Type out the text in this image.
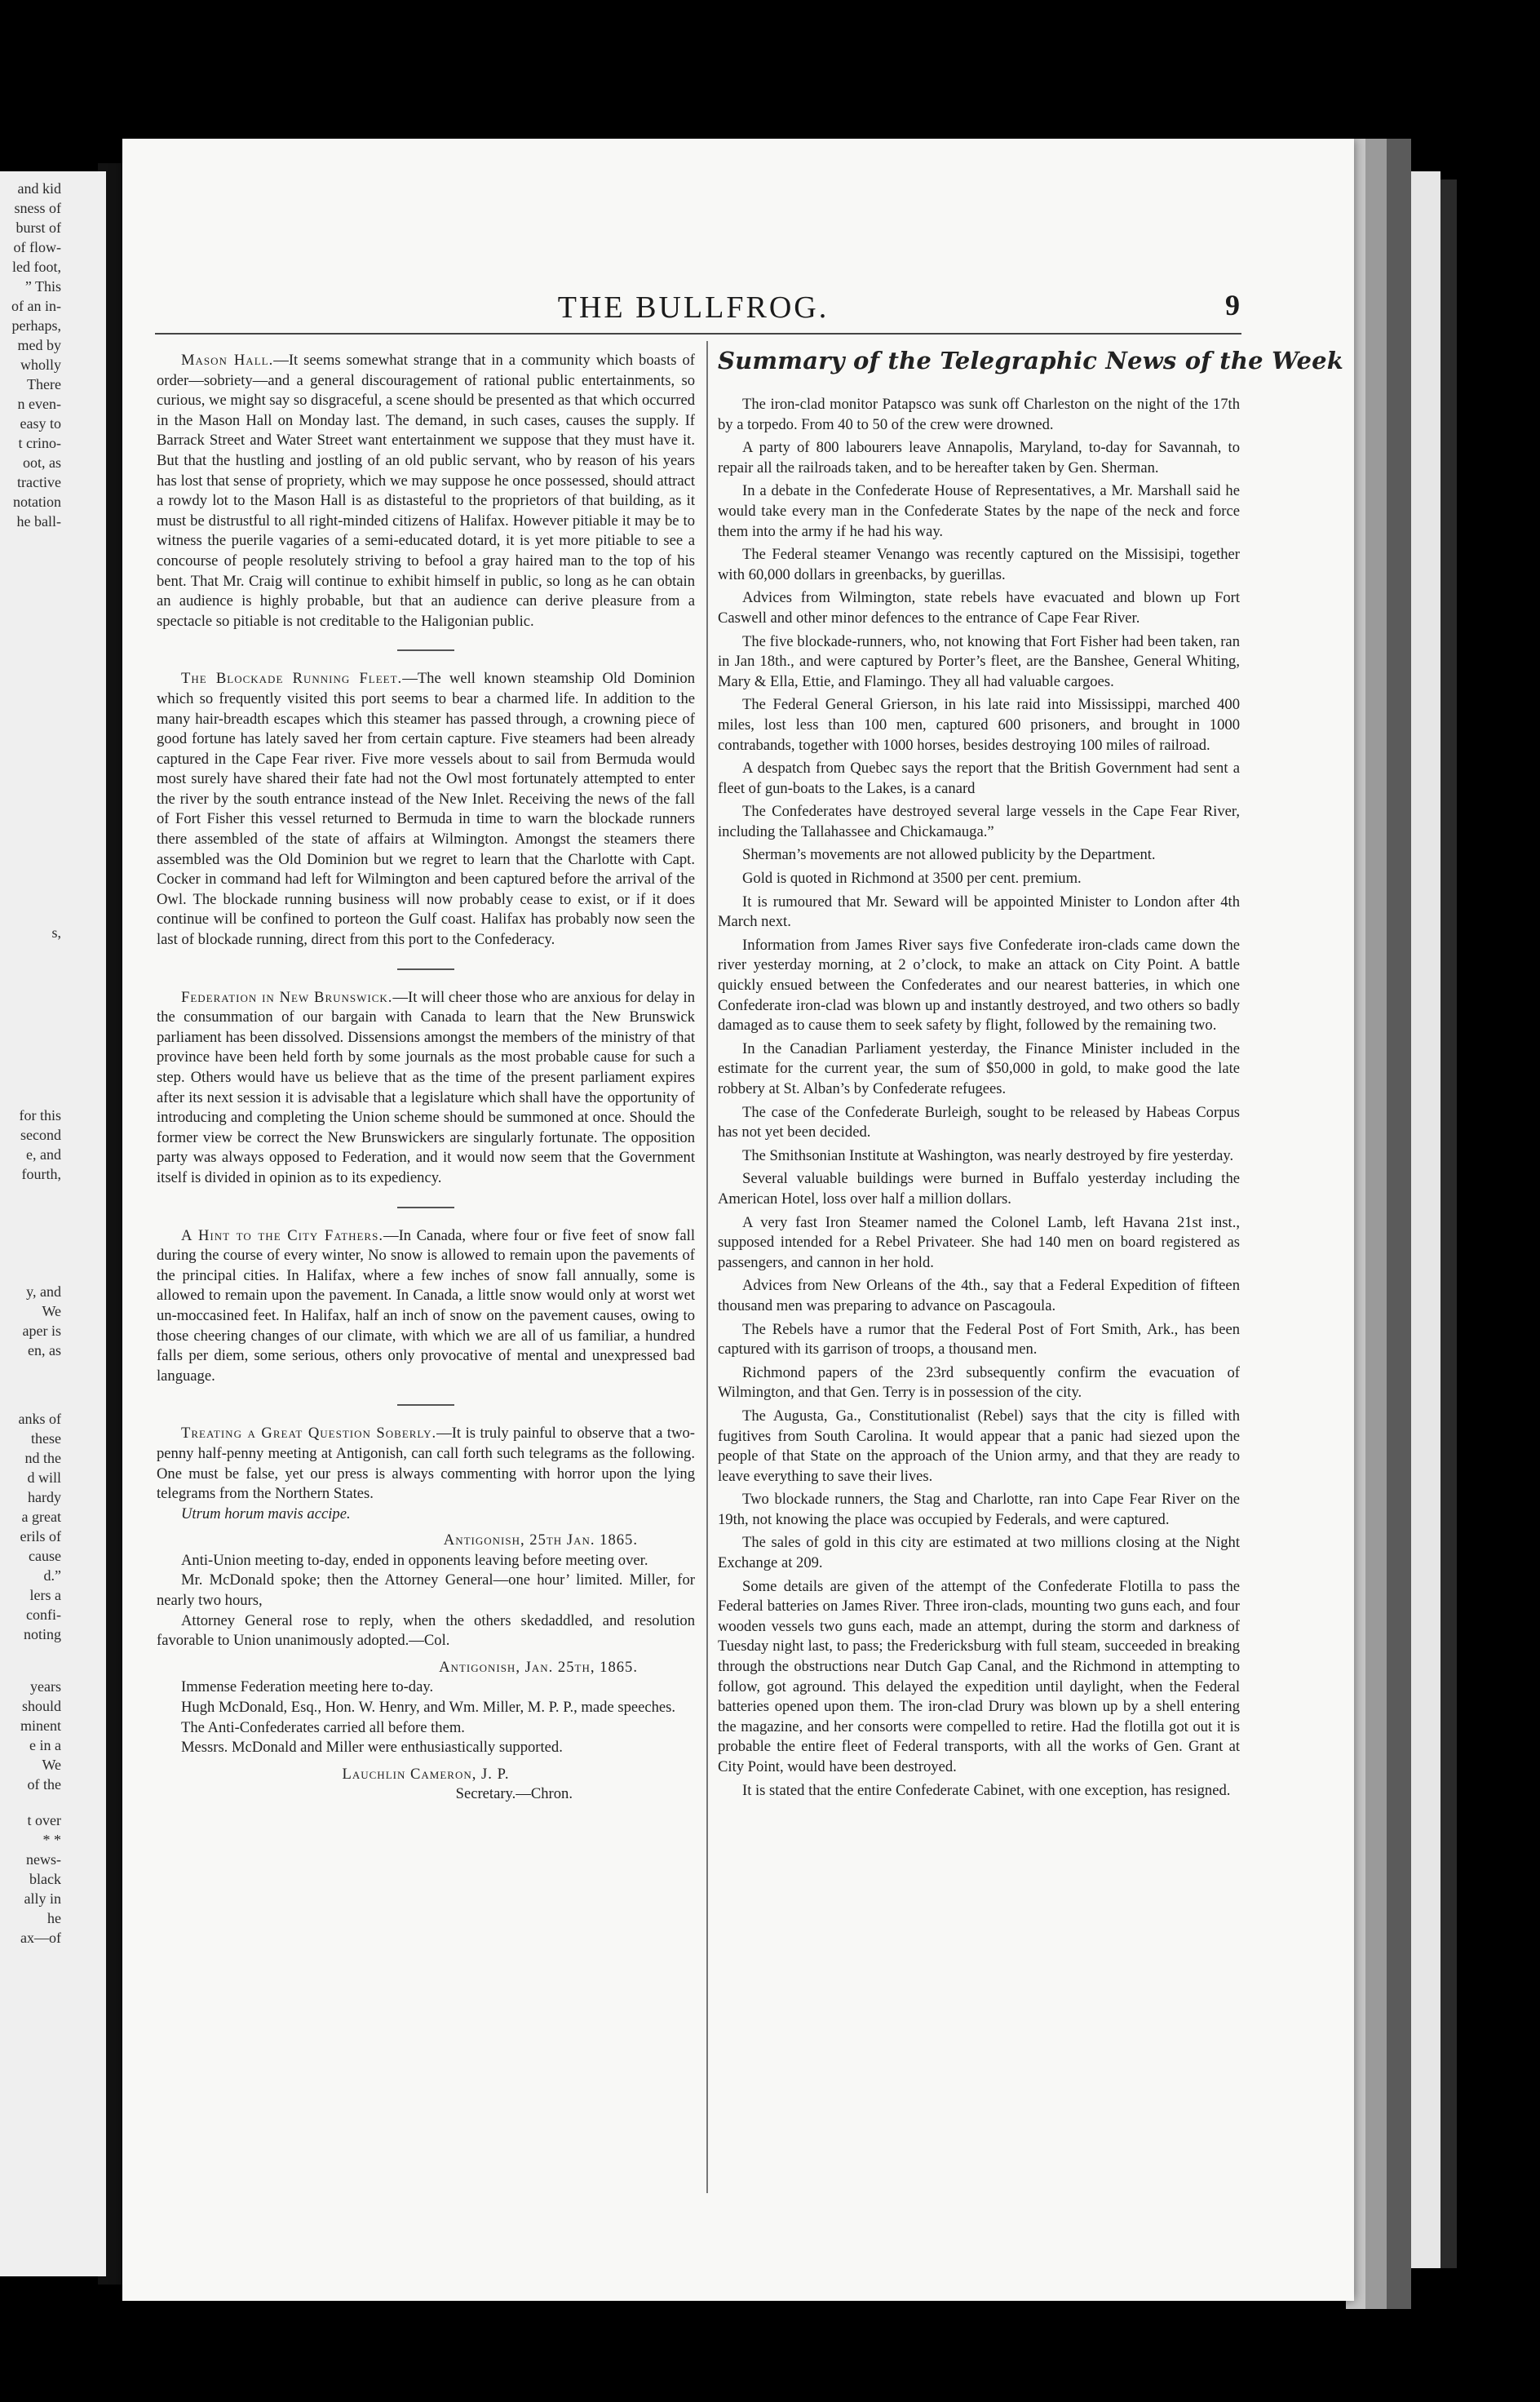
and kid
sness of
burst of
of flow-
led foot,
” This
of an in-
perhaps,
med by
wholly
There
n even-
easy to
t crino-
oot, as
tractive
notation
he ball-
s,
for this
second
e, and
fourth,
y, and
We
aper is
en, as
anks of
these
nd the
d will
hardy
a great
erils of
cause
d.”
lers a
confi-
noting
years
should
minent
e in a
We
of the
t over
* *
news-
black
ally in
he
ax—of
THE BULLFROG.	9

Mason Hall.—It seems somewhat strange that in a community which boasts of order—sobriety—and a general discouragement of rational public entertainments, so curious, we might say so disgraceful, a scene should be presented as that which occurred in the Mason Hall on Monday last. The demand, in such cases, causes the supply. If Barrack Street and Water Street want entertainment we suppose that they must have it. But that the hustling and jostling of an old public servant, who by reason of his years has lost that sense of propriety, which we may suppose he once possessed, should attract a rowdy lot to the Mason Hall is as distasteful to the proprietors of that building, as it must be distrustful to all right-minded citizens of Halifax. However pitiable it may be to witness the puerile vagaries of a semi-educated dotard, it is yet more pitiable to see a concourse of people resolutely striving to befool a gray haired man to the top of his bent. That Mr. Craig will continue to exhibit himself in public, so long as he can obtain an audience is highly probable, but that an audience can derive pleasure from a spectacle so pitiable is not creditable to the Haligonian public.

The Blockade Running Fleet.—The well known steamship Old Dominion which so frequently visited this port seems to bear a charmed life. In addition to the many hair-breadth escapes which this steamer has passed through, a crowning piece of good fortune has lately saved her from certain capture. Five steamers had been already captured in the Cape Fear river. Five more vessels about to sail from Bermuda would most surely have shared their fate had not the Owl most fortunately attempted to enter the river by the south entrance instead of the New Inlet. Receiving the news of the fall of Fort Fisher this vessel returned to Bermuda in time to warn the blockade runners there assembled of the state of affairs at Wilmington. Amongst the steamers there assembled was the Old Dominion but we regret to learn that the Charlotte with Capt. Cocker in command had left for Wilmington and been captured before the arrival of the Owl. The blockade running business will now probably cease to exist, or if it does continue will be confined to porteon the Gulf coast. Halifax has probably now seen the last of blockade running, direct from this port to the Confederacy.

Federation in New Brunswick.—It will cheer those who are anxious for delay in the consummation of our bargain with Canada to learn that the New Brunswick parliament has been dissolved. Dissensions amongst the members of the ministry of that province have been held forth by some journals as the most probable cause for such a step. Others would have us believe that as the time of the present parliament expires after its next session it is advisable that a legislature which shall have the opportunity of introducing and completing the Union scheme should be summoned at once. Should the former view be correct the New Brunswickers are singularly fortunate. The opposition party was always opposed to Federation, and it would now seem that the Government itself is divided in opinion as to its expediency.

A Hint to the City Fathers.—In Canada, where four or five feet of snow fall during the course of every winter, No snow is allowed to remain upon the pavements of the principal cities. In Halifax, where a few inches of snow fall annually, some is allowed to remain upon the pavement. In Canada, a little snow would only at worst wet un-moccasined feet. In Halifax, half an inch of snow on the pavement causes, owing to those cheering changes of our climate, with which we are all of us familiar, a hundred falls per diem, some serious, others only provocative of mental and unexpressed bad language.

Treating a Great Question Soberly.—It is truly painful to observe that a two-penny half-penny meeting at Antigonish, can call forth such telegrams as the following. One must be false, yet our press is always commenting with horror upon the lying telegrams from the Northern States.

Utrum horum mavis accipe.

Antigonish, 25th Jan. 1865.

Anti-Union meeting to-day, ended in opponents leaving before meeting over.

Mr. McDonald spoke; then the Attorney General—one hour’ limited. Miller, for nearly two hours,

Attorney General rose to reply, when the others skedaddled, and resolution favorable to Union unanimously adopted.—Col.

Antigonish, Jan. 25th, 1865.

Immense Federation meeting here to-day.

Hugh McDonald, Esq., Hon. W. Henry, and Wm. Miller, M. P. P., made speeches.

The Anti-Confederates carried all before them.

Messrs. McDonald and Miller were enthusiastically supported.

Lauchlin Cameron, J. P.

Secretary.—Chron.

Summary of the Telegraphic News of the Week

The iron-clad monitor Patapsco was sunk off Charleston on the night of the 17th by a torpedo. From 40 to 50 of the crew were drowned.

A party of 800 labourers leave Annapolis, Maryland, to-day for Savannah, to repair all the railroads taken, and to be hereafter taken by Gen. Sherman.

In a debate in the Confederate House of Representatives, a Mr. Marshall said he would take every man in the Confederate States by the nape of the neck and force them into the army if he had his way.

The Federal steamer Venango was recently captured on the Missisipi, together with 60,000 dollars in greenbacks, by guerillas.

Advices from Wilmington, state rebels have evacuated and blown up Fort Caswell and other minor defences to the entrance of Cape Fear River.

The five blockade-runners, who, not knowing that Fort Fisher had been taken, ran in Jan 18th., and were captured by Porter’s fleet, are the Banshee, General Whiting, Mary & Ella, Ettie, and Flamingo. They all had valuable cargoes.

The Federal General Grierson, in his late raid into Mississippi, marched 400 miles, lost less than 100 men, captured 600 prisoners, and brought in 1000 contrabands, together with 1000 horses, besides destroying 100 miles of railroad.

A despatch from Quebec says the report that the British Government had sent a fleet of gun-boats to the Lakes, is a canard

The Confederates have destroyed several large vessels in the Cape Fear River, including the Tallahassee and Chickamauga.”

Sherman’s movements are not allowed publicity by the Department.

Gold is quoted in Richmond at 3500 per cent. premium.

It is rumoured that Mr. Seward will be appointed Minister to London after 4th March next.

Information from James River says five Confederate iron-clads came down the river yesterday morning, at 2 o’clock, to make an attack on City Point. A battle quickly ensued between the Confederates and our nearest batteries, in which one Confederate iron-clad was blown up and instantly destroyed, and two others so badly damaged as to cause them to seek safety by flight, followed by the remaining two.

In the Canadian Parliament yesterday, the Finance Minister included in the estimate for the current year, the sum of $50,000 in gold, to make good the late robbery at St. Alban’s by Confederate refugees.

The case of the Confederate Burleigh, sought to be released by Habeas Corpus has not yet been decided.

The Smithsonian Institute at Washington, was nearly destroyed by fire yesterday.

Several valuable buildings were burned in Buffalo yesterday including the American Hotel, loss over half a million dollars.

A very fast Iron Steamer named the Colonel Lamb, left Havana 21st inst., supposed intended for a Rebel Privateer. She had 140 men on board registered as passengers, and cannon in her hold.

Advices from New Orleans of the 4th., say that a Federal Expedition of fifteen thousand men was preparing to advance on Pascagoula.

The Rebels have a rumor that the Federal Post of Fort Smith, Ark., has been captured with its garrison of troops, a thousand men.

Richmond papers of the 23rd subsequently confirm the evacuation of Wilmington, and that Gen. Terry is in possession of the city.

The Augusta, Ga., Constitutionalist (Rebel) says that the city is filled with fugitives from South Carolina. It would appear that a panic had siezed upon the people of that State on the approach of the Union army, and that they are ready to leave everything to save their lives.

Two blockade runners, the Stag and Charlotte, ran into Cape Fear River on the 19th, not knowing the place was occupied by Federals, and were captured.

The sales of gold in this city are estimated at two millions closing at the Night Exchange at 209.

Some details are given of the attempt of the Confederate Flotilla to pass the Federal batteries on James River. Three iron-clads, mounting two guns each, and four wooden vessels two guns each, made an attempt, during the storm and darkness of Tuesday night last, to pass; the Fredericksburg with full steam, succeeded in breaking through the obstructions near Dutch Gap Canal, and the Richmond in attempting to follow, got aground. This delayed the expedition until daylight, when the Federal batteries opened upon them. The iron-clad Drury was blown up by a shell entering the magazine, and her consorts were compelled to retire. Had the flotilla got out it is probable the entire fleet of Federal transports, with all the works of Gen. Grant at City Point, would have been destroyed.

It is stated that the entire Confederate Cabinet, with one exception, has resigned.
